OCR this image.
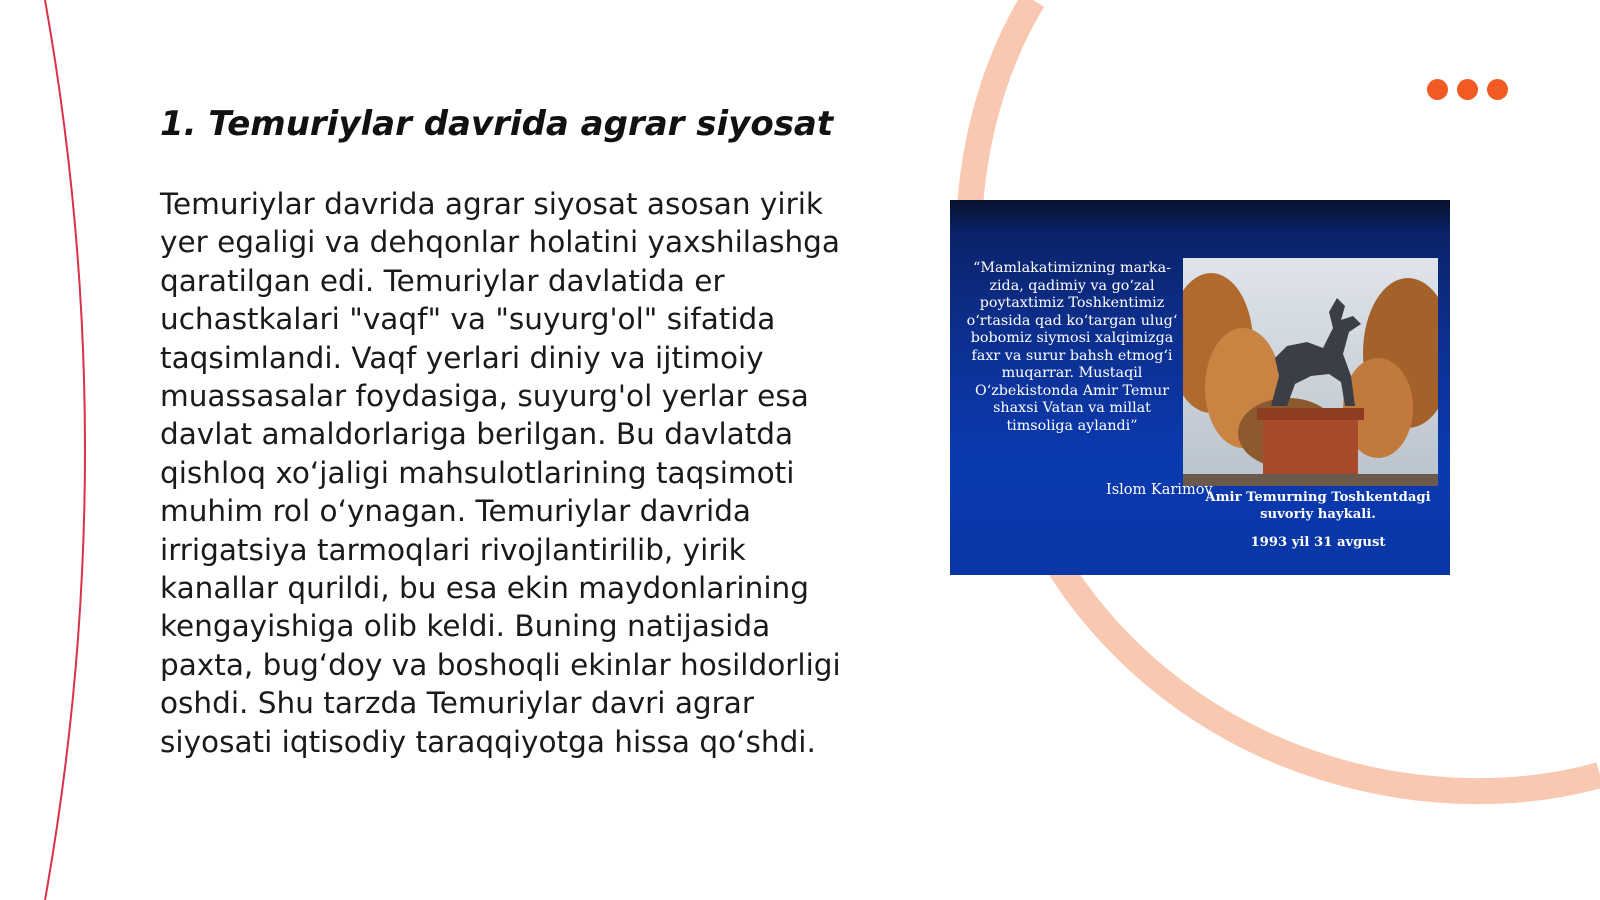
1. Temuriylar davrida agrar siyosat

Temuriylar davrida agrar siyosat asosan yirik yer egaligi va dehqonlar holatini yaxshilashga qaratilgan edi. Temuriylar davlatida er uchastkalari "vaqf" va "suyurg'ol" sifatida taqsimlandi. Vaqf yerlari diniy va ijtimoiy muassasalar foydasiga, suyurg'ol yerlar esa davlat amaldorlariga berilgan. Bu davlatda qishloq xo‘jaligi mahsulotlarining taqsimoti muhim rol o‘ynagan. Temuriylar davrida irrigatsiya tarmoqlari rivojlantirilib, yirik kanallar qurildi, bu esa ekin maydonlarining kengayishiga olib keldi. Buning natijasida paxta, bug‘doy va boshoqli ekinlar hosildorligi oshdi. Shu tarzda Temuriylar davri agrar siyosati iqtisodiy taraqqiyotga hissa qo‘shdi.

“Mamlakatimizning marka- zida, qadimiy va go‘zal poytaxtimiz Toshkentimiz o‘rtasida qad ko‘targan ulug‘ bobomiz siymosi xalqimizga faxr va surur bahsh etmog‘i muqarrar. Mustaqil O‘zbekistonda Amir Temur shaxsi Vatan va millat timsoliga aylandi”

Islom Karimov

Amir Temurning Toshkentdagi suvoriy haykali.

1993 yil 31 avgust
